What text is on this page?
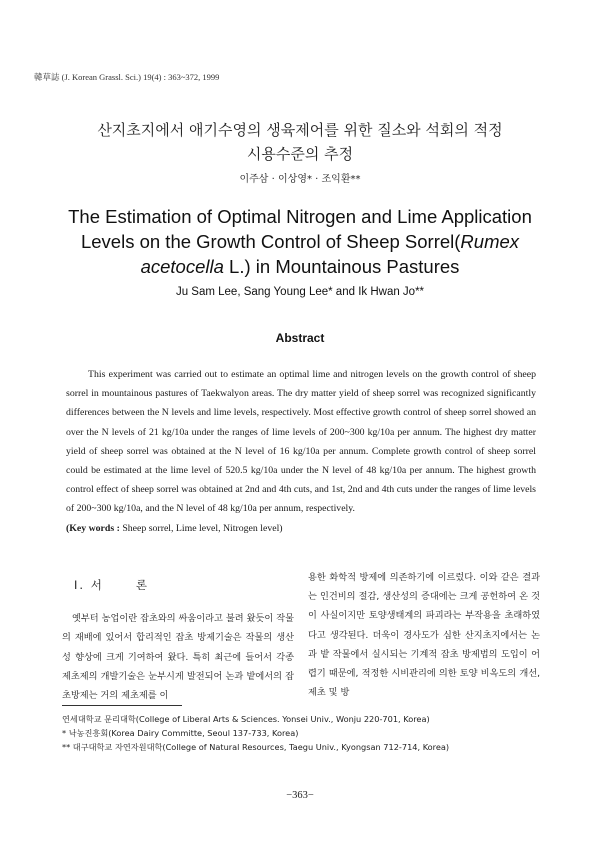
韓草誌 (J. Korean Grassl. Sci.) 19(4) : 363~372, 1999
산지초지에서 애기수영의 생육제어를 위한 질소와 석회의 적정
시용수준의 추정
이주삼 · 이상영* · 조익환**
The Estimation of Optimal Nitrogen and Lime Application
Levels on the Growth Control of Sheep Sorrel(Rumex
acetocella L.) in Mountainous Pastures
Ju Sam Lee, Sang Young Lee* and Ik Hwan Jo**
Abstract

This experiment was carried out to estimate an optimal lime and nitrogen levels on the growth control of sheep sorrel in mountainous pastures of Taekwalyon areas. The dry matter yield of sheep sorrel was recognized significantly differences between the N levels and lime levels, respectively. Most effective growth control of sheep sorrel showed an over the N levels of 21 kg/10a under the ranges of lime levels of 200~300 kg/10a per annum. The highest dry matter yield of sheep sorrel was obtained at the N level of 16 kg/10a per annum. Complete growth control of sheep sorrel could be estimated at the lime level of 520.5 kg/10a under the N level of 48 kg/10a per annum. The highest growth control effect of sheep sorrel was obtained at 2nd and 4th cuts, and 1st, 2nd and 4th cuts under the ranges of lime levels of 200~300 kg/10a, and the N level of 48 kg/10a per annum, respectively.

(Key words : Sheep sorrel, Lime level, Nitrogen level)
Ⅰ. 서	론

옛부터 농업이란 잡초와의 싸움이라고 불려 왔듯이 작물의 재배에 있어서 합리적인 잡초 방제기술은 작물의 생산성 향상에 크게 기여하여 왔다. 특히 최근에 들어서 각종 제초제의 개발기술은 눈부시게 발전되어 논과 밭에서의 잡초방제는 거의 제초제를 이

용한 화학적 방제에 의존하기에 이르렀다. 이와 같은 결과는 인건비의 절감, 생산성의 증대에는 크게 공헌하여 온 것이 사실이지만 토양생태계의 파괴라는 부작용을 초래하였다고 생각된다. 더욱이 경사도가 심한 산지초지에서는 논과 밭 작물에서 실시되는 기계적 잡초 방제법의 도입이 어렵기 때문에, 적정한 시비관리에 의한 토양 비옥도의 개선, 제초 및 방

연세대학교 문리대학(College of Liberal Arts & Sciences. Yonsei Univ., Wonju 220-701, Korea)
* 낙농진흥회(Korea Dairy Committe, Seoul 137-733, Korea)
** 대구대학교 자연자원대학(College of Natural Resources, Taegu Univ., Kyongsan 712-714, Korea)
−363−
